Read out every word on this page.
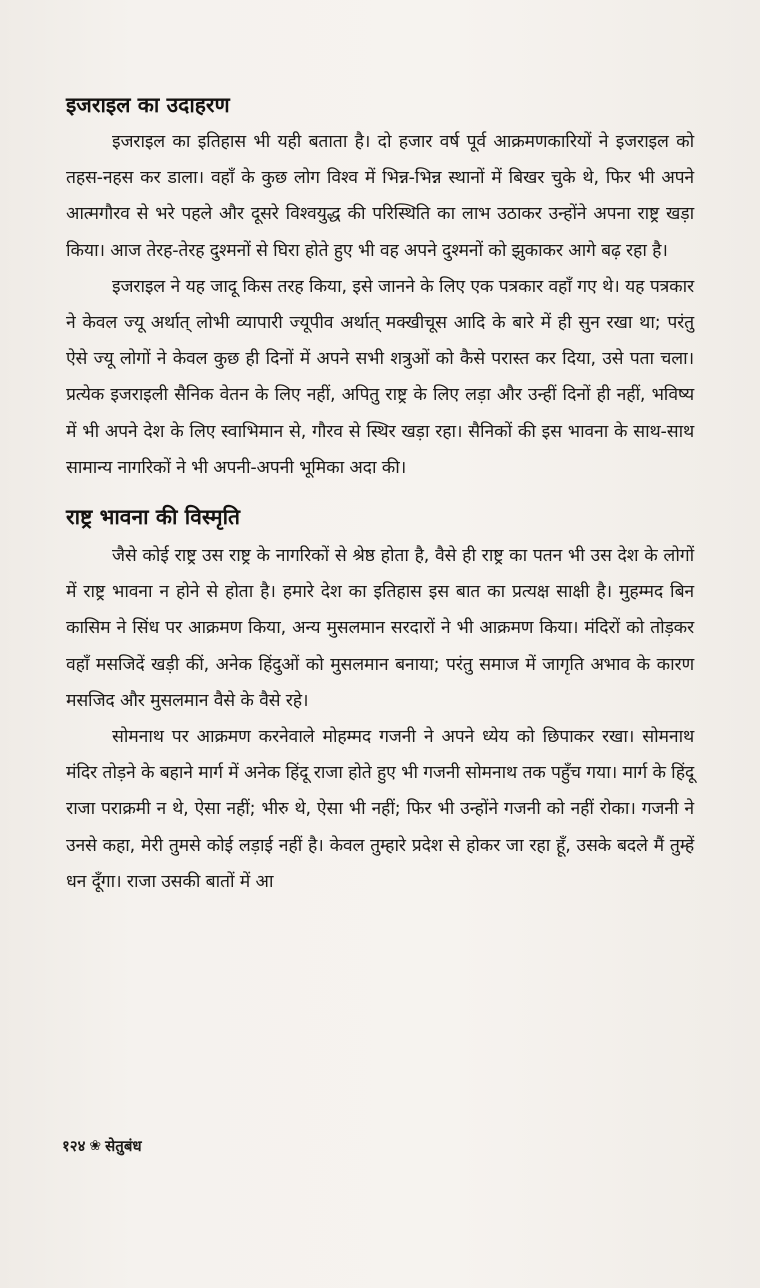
इजराइल का उदाहरण

इजराइल का इतिहास भी यही बताता है। दो हजार वर्ष पूर्व आक्रमणकारियों ने इजराइल को तहस-नहस कर डाला। वहाँ के कुछ लोग विश्व में भिन्न-भिन्न स्थानों में बिखर चुके थे, फिर भी अपने आत्मगौरव से भरे पहले और दूसरे विश्वयुद्ध की परिस्थिति का लाभ उठाकर उन्होंने अपना राष्ट्र खड़ा किया। आज तेरह-तेरह दुश्मनों से घिरा होते हुए भी वह अपने दुश्मनों को झुकाकर आगे बढ़ रहा है।

इजराइल ने यह जादू किस तरह किया, इसे जानने के लिए एक पत्रकार वहाँ गए थे। यह पत्रकार ने केवल ज्यू अर्थात् लोभी व्यापारी ज्यूपीव अर्थात् मक्खीचूस आदि के बारे में ही सुन रखा था; परंतु ऐसे ज्यू लोगों ने केवल कुछ ही दिनों में अपने सभी शत्रुओं को कैसे परास्त कर दिया, उसे पता चला। प्रत्येक इजराइली सैनिक वेतन के लिए नहीं, अपितु राष्ट्र के लिए लड़ा और उन्हीं दिनों ही नहीं, भविष्य में भी अपने देश के लिए स्वाभिमान से, गौरव से स्थिर खड़ा रहा। सैनिकों की इस भावना के साथ-साथ सामान्य नागरिकों ने भी अपनी-अपनी भूमिका अदा की।

राष्ट्र भावना की विस्मृति

जैसे कोई राष्ट्र उस राष्ट्र के नागरिकों से श्रेष्ठ होता है, वैसे ही राष्ट्र का पतन भी उस देश के लोगों में राष्ट्र भावना न होने से होता है। हमारे देश का इतिहास इस बात का प्रत्यक्ष साक्षी है। मुहम्मद बिन कासिम ने सिंध पर आक्रमण किया, अन्य मुसलमान सरदारों ने भी आक्रमण किया। मंदिरों को तोड़कर वहाँ मसजिदें खड़ी कीं, अनेक हिंदुओं को मुसलमान बनाया; परंतु समाज में जागृति अभाव के कारण मसजिद और मुसलमान वैसे के वैसे रहे।

सोमनाथ पर आक्रमण करनेवाले मोहम्मद गजनी ने अपने ध्येय को छिपाकर रखा। सोमनाथ मंदिर तोड़ने के बहाने मार्ग में अनेक हिंदू राजा होते हुए भी गजनी सोमनाथ तक पहुँच गया। मार्ग के हिंदू राजा पराक्रमी न थे, ऐसा नहीं; भीरु थे, ऐसा भी नहीं; फिर भी उन्होंने गजनी को नहीं रोका। गजनी ने उनसे कहा, मेरी तुमसे कोई लड़ाई नहीं है। केवल तुम्हारे प्रदेश से होकर जा रहा हूँ, उसके बदले मैं तुम्हें धन दूँगा। राजा उसकी बातों में आ

१२४ ❀ सेतुबंध
